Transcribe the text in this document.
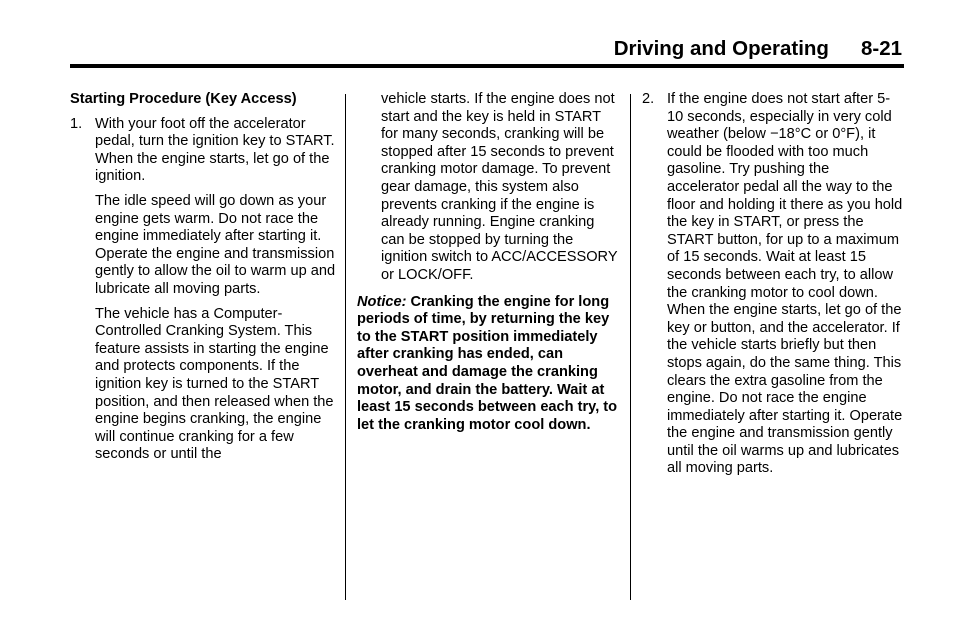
Driving and Operating 8-21

Starting Procedure (Key Access)

1. With your foot off the accelerator pedal, turn the ignition key to START. When the engine starts, let go of the ignition.

The idle speed will go down as your engine gets warm. Do not race the engine immediately after starting it. Operate the engine and transmission gently to allow the oil to warm up and lubricate all moving parts.

The vehicle has a Computer-Controlled Cranking System. This feature assists in starting the engine and protects components. If the ignition key is turned to the START position, and then released when the engine begins cranking, the engine will continue cranking for a few seconds or until the

vehicle starts. If the engine does not start and the key is held in START for many seconds, cranking will be stopped after 15 seconds to prevent cranking motor damage. To prevent gear damage, this system also prevents cranking if the engine is already running. Engine cranking can be stopped by turning the ignition switch to ACC/ACCESSORY or LOCK/OFF.

Notice: Cranking the engine for long periods of time, by returning the key to the START position immediately after cranking has ended, can overheat and damage the cranking motor, and drain the battery. Wait at least 15 seconds between each try, to let the cranking motor cool down.

2. If the engine does not start after 5-10 seconds, especially in very cold weather (below −18°C or 0°F), it could be flooded with too much gasoline. Try pushing the accelerator pedal all the way to the floor and holding it there as you hold the key in START, or press the START button, for up to a maximum of 15 seconds. Wait at least 15 seconds between each try, to allow the cranking motor to cool down. When the engine starts, let go of the key or button, and the accelerator. If the vehicle starts briefly but then stops again, do the same thing. This clears the extra gasoline from the engine. Do not race the engine immediately after starting it. Operate the engine and transmission gently until the oil warms up and lubricates all moving parts.
